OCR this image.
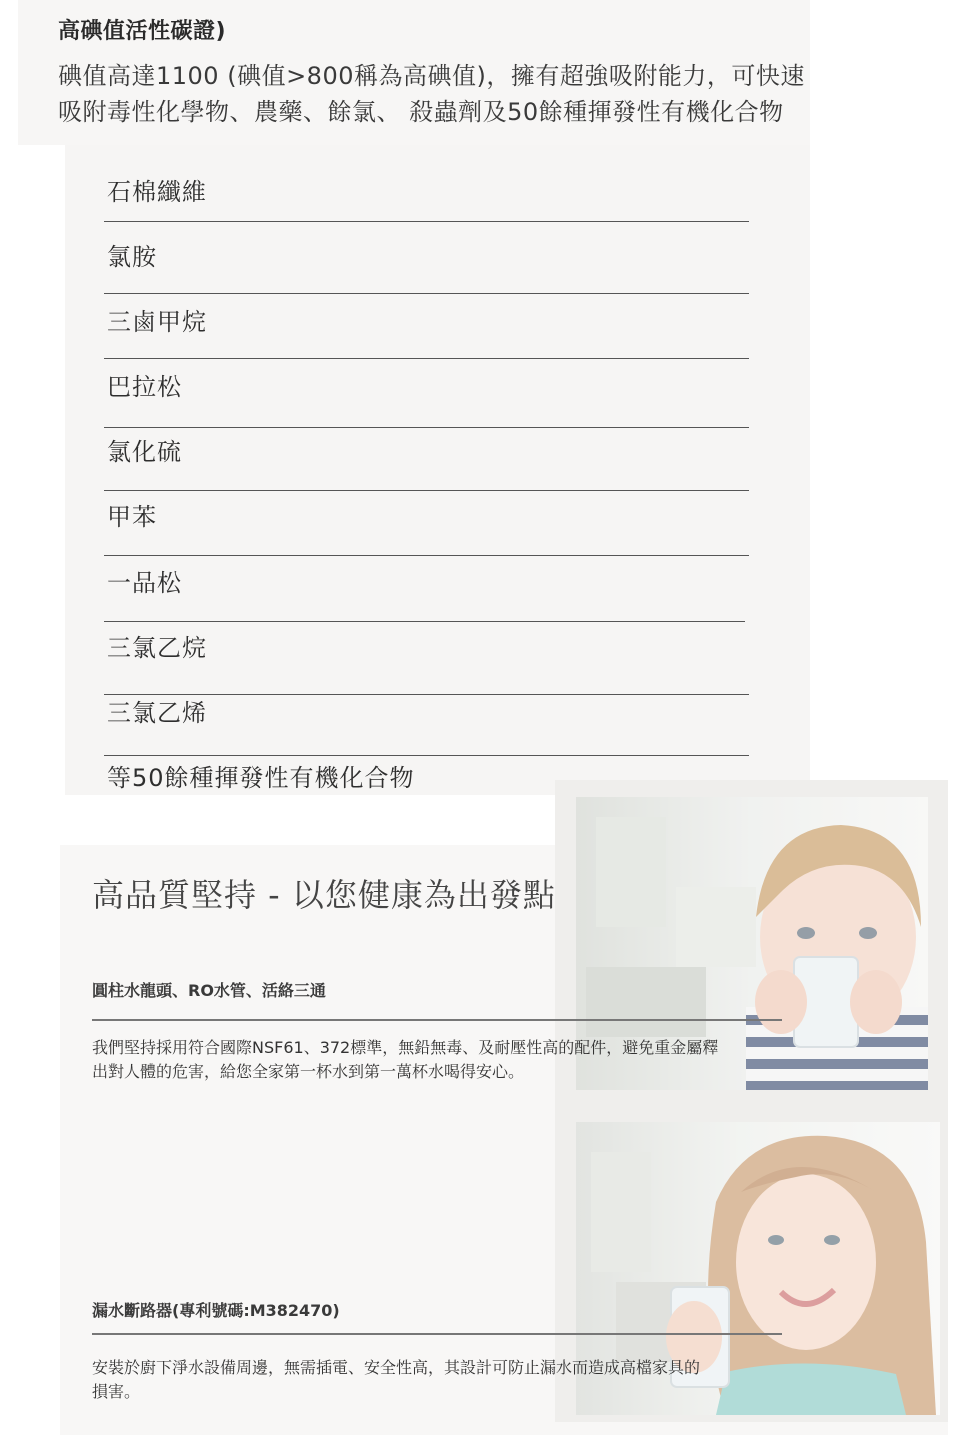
高碘值活性碳證)
碘值高達1100 (碘值>800稱為高碘值)，擁有超強吸附能力，可快速
吸附毒性化學物、農藥、餘氯、 殺蟲劑及50餘種揮發性有機化合物
石棉纖維
氯胺
三鹵甲烷
巴拉松
氯化硫
甲苯
一品松
三氯乙烷
三氯乙烯
等50餘種揮發性有機化合物
高品質堅持 - 以您健康為出發點
圓柱水龍頭、RO水管、活絡三通
我們堅持採用符合國際NSF61、372標準，無鉛無毒、及耐壓性高的配件，避免重金屬釋
出對人體的危害，給您全家第一杯水到第一萬杯水喝得安心。
漏水斷路器(專利號碼:M382470)
安裝於廚下淨水設備周邊，無需插電、安全性高，其設計可防止漏水而造成高檔家具的
損害。
